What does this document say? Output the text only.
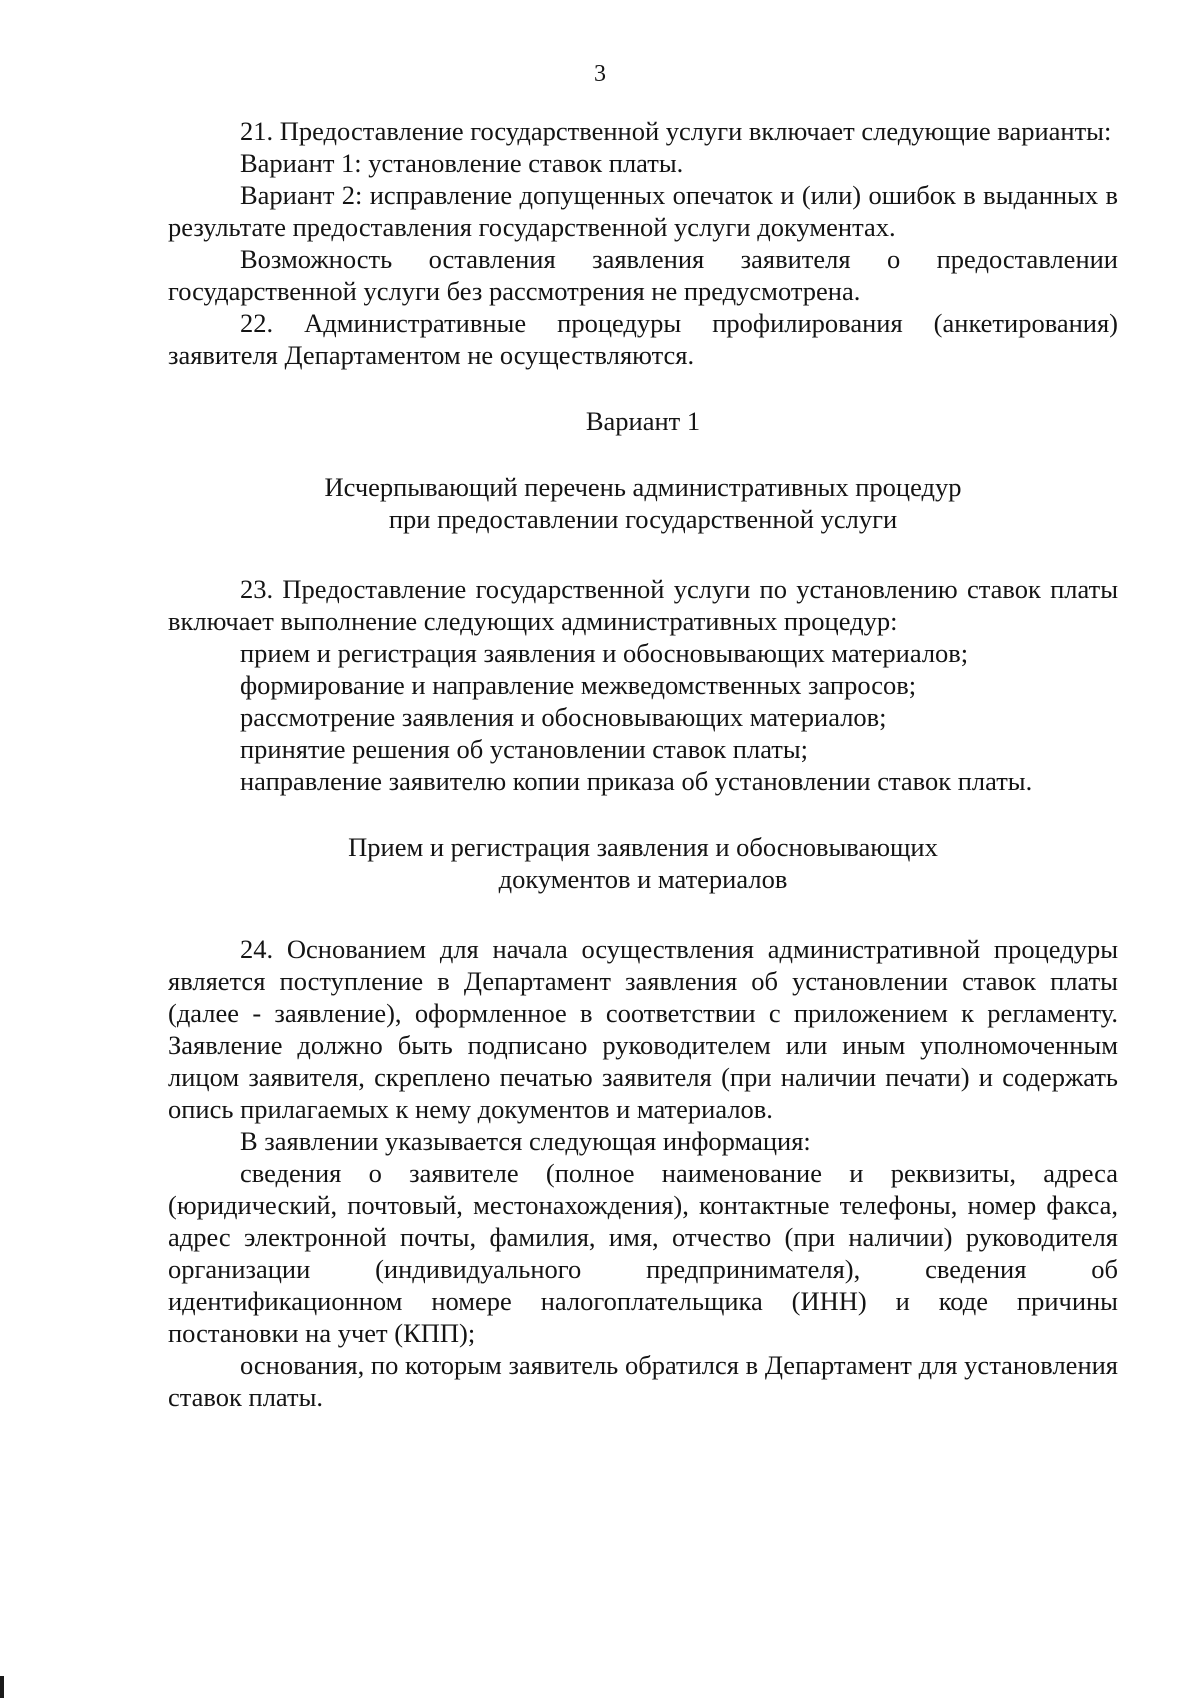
3

21. Предоставление государственной услуги включает следующие варианты:

Вариант 1: установление ставок платы.

Вариант 2: исправление допущенных опечаток и (или) ошибок в выданных в результате предоставления государственной услуги документах.

Возможность оставления заявления заявителя о предоставлении государственной услуги без рассмотрения не предусмотрена.

22. Административные процедуры профилирования (анкетирования) заявителя Департаментом не осуществляются.

Вариант 1

Исчерпывающий перечень административных процедур

при предоставлении государственной услуги

23. Предоставление государственной услуги по установлению ставок платы включает выполнение следующих административных процедур:

прием и регистрация заявления и обосновывающих материалов;

формирование и направление межведомственных запросов;

рассмотрение заявления и обосновывающих материалов;

принятие решения об установлении ставок платы;

направление заявителю копии приказа об установлении ставок платы.

Прием и регистрация заявления и обосновывающих

документов и материалов

24. Основанием для начала осуществления административной процедуры является поступление в Департамент заявления об установлении ставок платы (далее - заявление), оформленное в соответствии с приложением к регламенту. Заявление должно быть подписано руководителем или иным уполномоченным лицом заявителя, скреплено печатью заявителя (при наличии печати) и содержать опись прилагаемых к нему документов и материалов.

В заявлении указывается следующая информация:

сведения о заявителе (полное наименование и реквизиты, адреса (юридический, почтовый, местонахождения), контактные телефоны, номер факса, адрес электронной почты, фамилия, имя, отчество (при наличии) руководителя организации (индивидуального предпринимателя), сведения об идентификационном номере налогоплательщика (ИНН) и коде причины постановки на учет (КПП);

основания, по которым заявитель обратился в Департамент для установления ставок платы.
